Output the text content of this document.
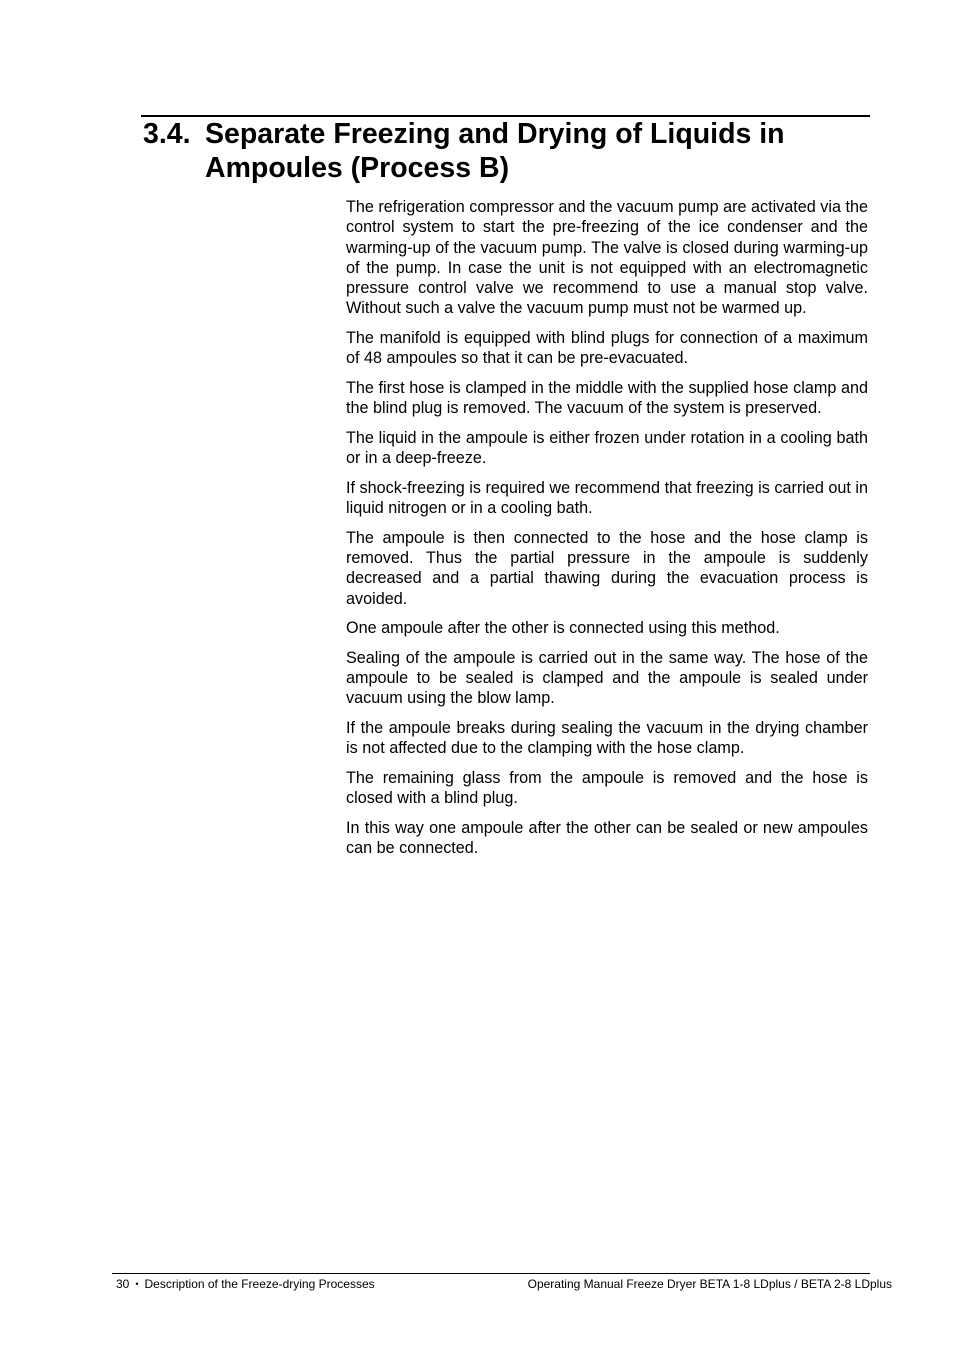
3.4. Separate Freezing and Drying of Liquids in Ampoules (Process B)

The refrigeration compressor and the vacuum pump are activated via the control system to start the pre-freezing of the ice condenser and the warming-up of the vacuum pump. The valve is closed during warming-up of the pump. In case the unit is not equipped with an electromagnetic pressure control valve we recommend to use a manual stop valve. Without such a valve the vacuum pump must not be warmed up.

The manifold is equipped with blind plugs for connection of a maximum of 48 ampoules so that it can be pre-evacuated.

The first hose is clamped in the middle with the supplied hose clamp and the blind plug is removed. The vacuum of the system is preserved.

The liquid in the ampoule is either frozen under rotation in a cooling bath or in a deep-freeze.

If shock-freezing is required we recommend that freezing is carried out in liquid nitrogen or in a cooling bath.

The ampoule is then connected to the hose and the hose clamp is removed. Thus the partial pressure in the ampoule is suddenly decreased and a partial thawing during the evacuation process is avoided.

One ampoule after the other is connected using this method.

Sealing of the ampoule is carried out in the same way. The hose of the ampoule to be sealed is clamped and the ampoule is sealed under vacuum using the blow lamp.

If the ampoule breaks during sealing the vacuum in the drying chamber is not affected due to the clamping with the hose clamp.

The remaining glass from the ampoule is removed and the hose is closed with a blind plug.

In this way one ampoule after the other can be sealed or new ampoules can be connected.

30 • Description of the Freeze-drying Processes	Operating Manual Freeze Dryer BETA 1-8 LDplus / BETA 2-8 LDplus
